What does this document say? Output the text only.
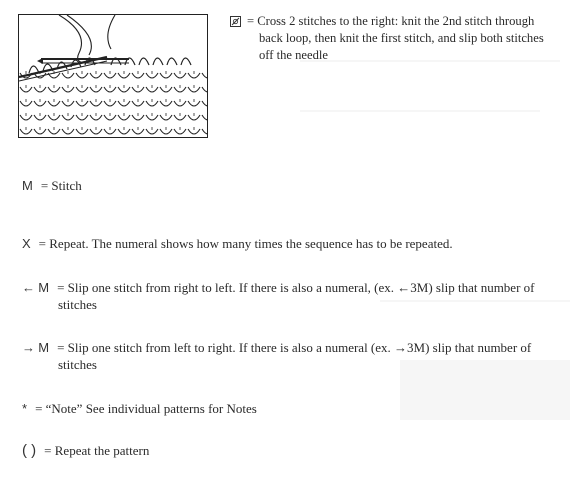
= Cross 2 stitches to the right: knit the 2nd stitch through

back loop, then knit the first stitch, and slip both stitches
off the needle
M = Stitch
X = Repeat. The numeral shows how many times the sequence has to be repeated.
← M = Slip one stitch from right to left. If there is also a numeral, (ex. ←3M) slip that number of
stitches
→ M = Slip one stitch from left to right. If there is also a numeral (ex. →3M) slip that number of
stitches
* = “Note” See individual patterns for Notes
( ) = Repeat the pattern
